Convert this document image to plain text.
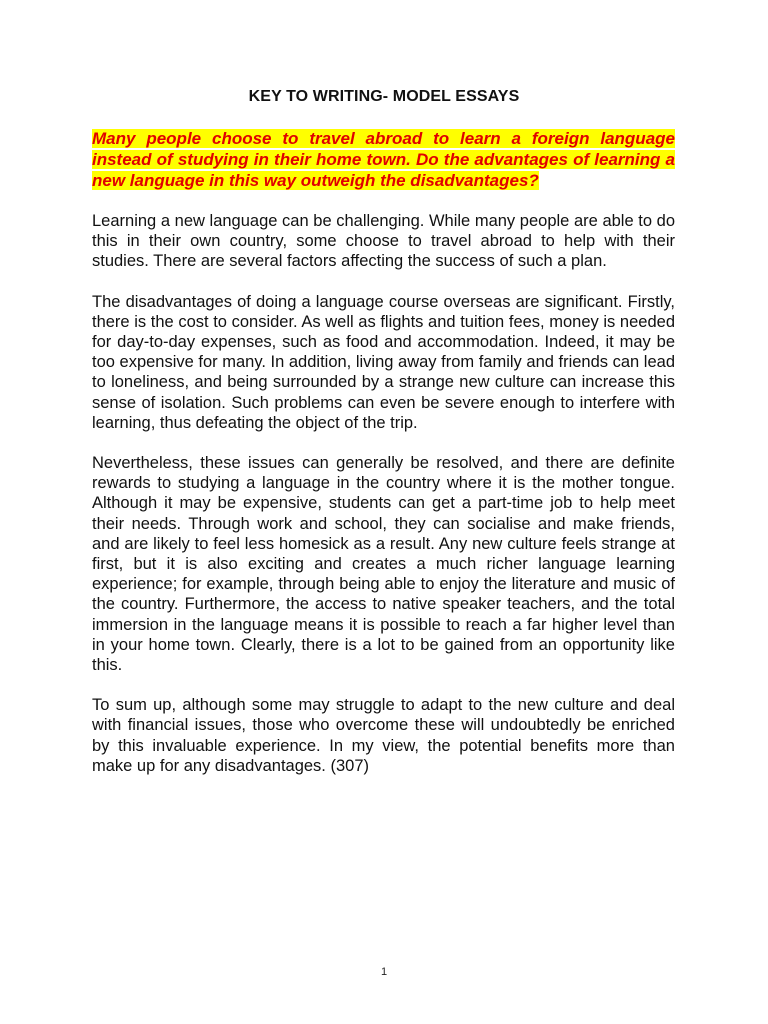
KEY TO WRITING- MODEL ESSAYS
Many people choose to travel abroad to learn a foreign language instead of studying in their home town. Do the advantages of learning a new language in this way outweigh the disadvantages?

Learning a new language can be challenging. While many people are able to do this in their own country, some choose to travel abroad to help with their studies. There are several factors affecting the success of such a plan.

The disadvantages of doing a language course overseas are significant. Firstly, there is the cost to consider. As well as flights and tuition fees, money is needed for day-to-day expenses, such as food and accommodation. Indeed, it may be too expensive for many. In addition, living away from family and friends can lead to loneliness, and being surrounded by a strange new culture can increase this sense of isolation. Such problems can even be severe enough to interfere with learning, thus defeating the object of the trip.

Nevertheless, these issues can generally be resolved, and there are definite rewards to studying a language in the country where it is the mother tongue. Although it may be expensive, students can get a part-time job to help meet their needs. Through work and school, they can socialise and make friends, and are likely to feel less homesick as a result. Any new culture feels strange at first, but it is also exciting and creates a much richer language learning experience; for example, through being able to enjoy the literature and music of the country. Furthermore, the access to native speaker teachers, and the total immersion in the language means it is possible to reach a far higher level than in your home town. Clearly, there is a lot to be gained from an opportunity like this.

To sum up, although some may struggle to adapt to the new culture and deal with financial issues, those who overcome these will undoubtedly be enriched by this invaluable experience. In my view, the potential benefits more than make up for any disadvantages. (307)

1
